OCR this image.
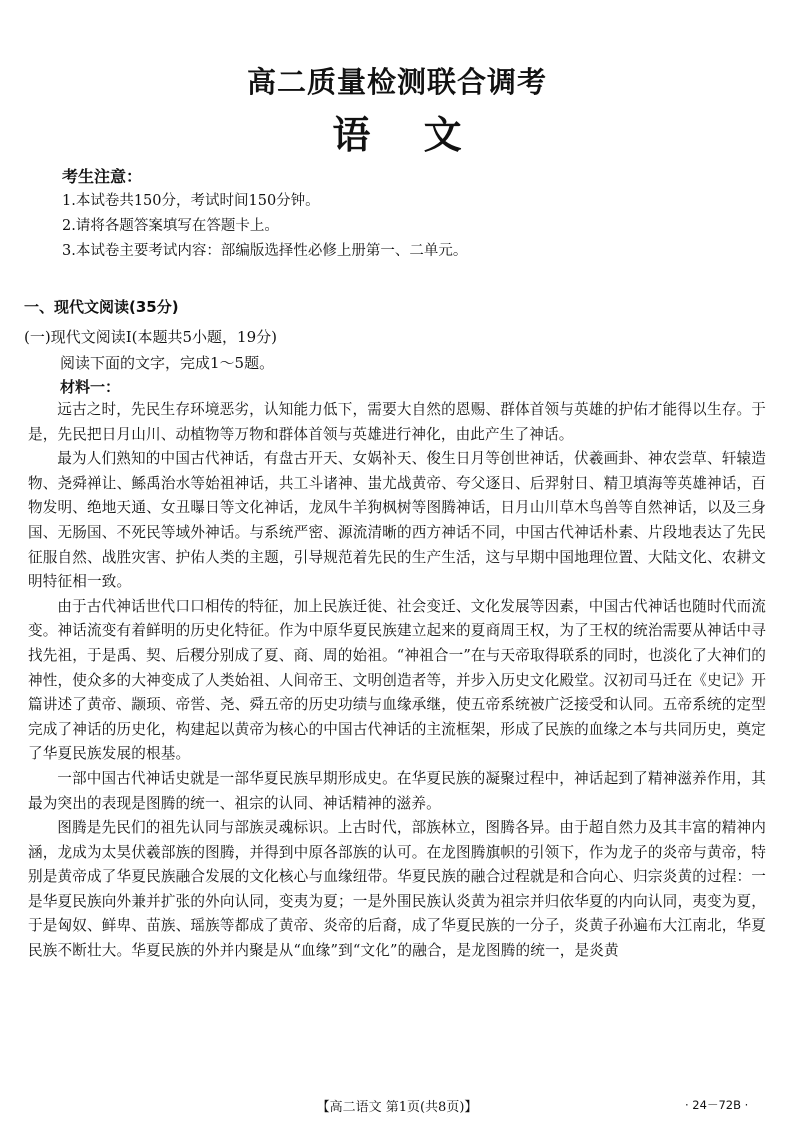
高二质量检测联合调考
语 文
考生注意：
1.本试卷共150分，考试时间150分钟。
2.请将各题答案填写在答题卡上。
3.本试卷主要考试内容：部编版选择性必修上册第一、二单元。
一、现代文阅读(35分)
(一)现代文阅读Ⅰ(本题共5小题，19分)
阅读下面的文字，完成1～5题。
材料一：

远古之时，先民生存环境恶劣，认知能力低下，需要大自然的恩赐、群体首领与英雄的护佑才能得以生存。于是，先民把日月山川、动植物等万物和群体首领与英雄进行神化，由此产生了神话。

最为人们熟知的中国古代神话，有盘古开天、女娲补天、俊生日月等创世神话，伏羲画卦、神农尝草、轩辕造物、尧舜禅让、鲧禹治水等始祖神话，共工斗诸神、蚩尤战黄帝、夸父逐日、后羿射日、精卫填海等英雄神话，百物发明、绝地天通、女丑曝日等文化神话，龙凤牛羊狗枫树等图腾神话，日月山川草木鸟兽等自然神话，以及三身国、无肠国、不死民等域外神话。与系统严密、源流清晰的西方神话不同，中国古代神话朴素、片段地表达了先民征服自然、战胜灾害、护佑人类的主题，引导规范着先民的生产生活，这与早期中国地理位置、大陆文化、农耕文明特征相一致。

由于古代神话世代口口相传的特征，加上民族迁徙、社会变迁、文化发展等因素，中国古代神话也随时代而流变。神话流变有着鲜明的历史化特征。作为中原华夏民族建立起来的夏商周王权，为了王权的统治需要从神话中寻找先祖，于是禹、契、后稷分别成了夏、商、周的始祖。“神祖合一”在与天帝取得联系的同时，也淡化了大神们的神性，使众多的大神变成了人类始祖、人间帝王、文明创造者等，并步入历史文化殿堂。汉初司马迁在《史记》开篇讲述了黄帝、颛顼、帝喾、尧、舜五帝的历史功绩与血缘承继，使五帝系统被广泛接受和认同。五帝系统的定型完成了神话的历史化，构建起以黄帝为核心的中国古代神话的主流框架，形成了民族的血缘之本与共同历史，奠定了华夏民族发展的根基。

一部中国古代神话史就是一部华夏民族早期形成史。在华夏民族的凝聚过程中，神话起到了精神滋养作用，其最为突出的表现是图腾的统一、祖宗的认同、神话精神的滋养。

图腾是先民们的祖先认同与部族灵魂标识。上古时代，部族林立，图腾各异。由于超自然力及其丰富的精神内涵，龙成为太昊伏羲部族的图腾，并得到中原各部族的认可。在龙图腾旗帜的引领下，作为龙子的炎帝与黄帝，特别是黄帝成了华夏民族融合发展的文化核心与血缘纽带。华夏民族的融合过程就是和合向心、归宗炎黄的过程：一是华夏民族向外兼并扩张的外向认同，变夷为夏；一是外围民族认炎黄为祖宗并归依华夏的内向认同，夷变为夏，于是匈奴、鲜卑、苗族、瑶族等都成了黄帝、炎帝的后裔，成了华夏民族的一分子，炎黄子孙遍布大江南北，华夏民族不断壮大。华夏民族的外并内聚是从“血缘”到“文化”的融合，是龙图腾的统一，是炎黄

【高二语文 第1页(共8页)】	· 24－72B ·
